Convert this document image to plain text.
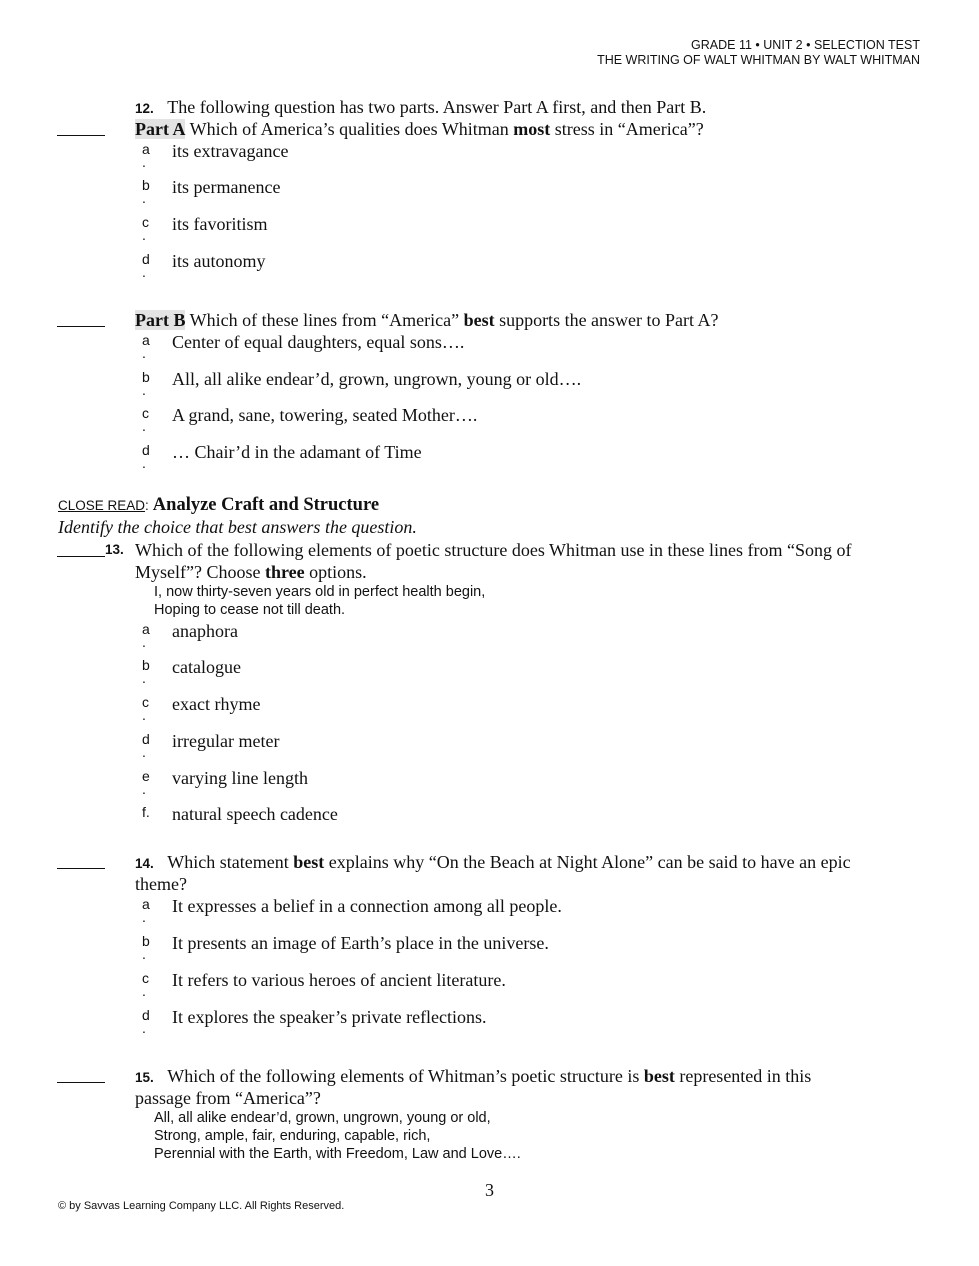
GRADE 11 • UNIT 2 • SELECTION TEST
THE WRITING OF WALT WHITMAN BY WALT WHITMAN
12. The following question has two parts. Answer Part A first, and then Part B.
Part A Which of America’s qualities does Whitman most stress in “America”?
a
.
its extravagance
b
.
its permanence
c
.
its favoritism
d
.
its autonomy
Part B Which of these lines from “America” best supports the answer to Part A?
a
.
Center of equal daughters, equal sons….
b
.
All, all alike endear’d, grown, ungrown, young or old….
c
.
A grand, sane, towering, seated Mother….
d
.
… Chair’d in the adamant of Time
CLOSE READ: Analyze Craft and Structure
Identify the choice that best answers the question.
13. Which of the following elements of poetic structure does Whitman use in these lines from “Song of
Myself”? Choose three options.
I, now thirty-seven years old in perfect health begin,
Hoping to cease not till death.
a
.
anaphora
b
.
catalogue
c
.
exact rhyme
d
.
irregular meter
e
.
varying line length
f. natural speech cadence
14. Which statement best explains why “On the Beach at Night Alone” can be said to have an epic
theme?
a
.
It expresses a belief in a connection among all people.
b
.
It presents an image of Earth’s place in the universe.
c
.
It refers to various heroes of ancient literature.
d
.
It explores the speaker’s private reflections.
15. Which of the following elements of Whitman’s poetic structure is best represented in this
passage from “America”?
All, all alike endear’d, grown, ungrown, young or old,
Strong, ample, fair, enduring, capable, rich,
Perennial with the Earth, with Freedom, Law and Love….
3
© by Savvas Learning Company LLC. All Rights Reserved.
